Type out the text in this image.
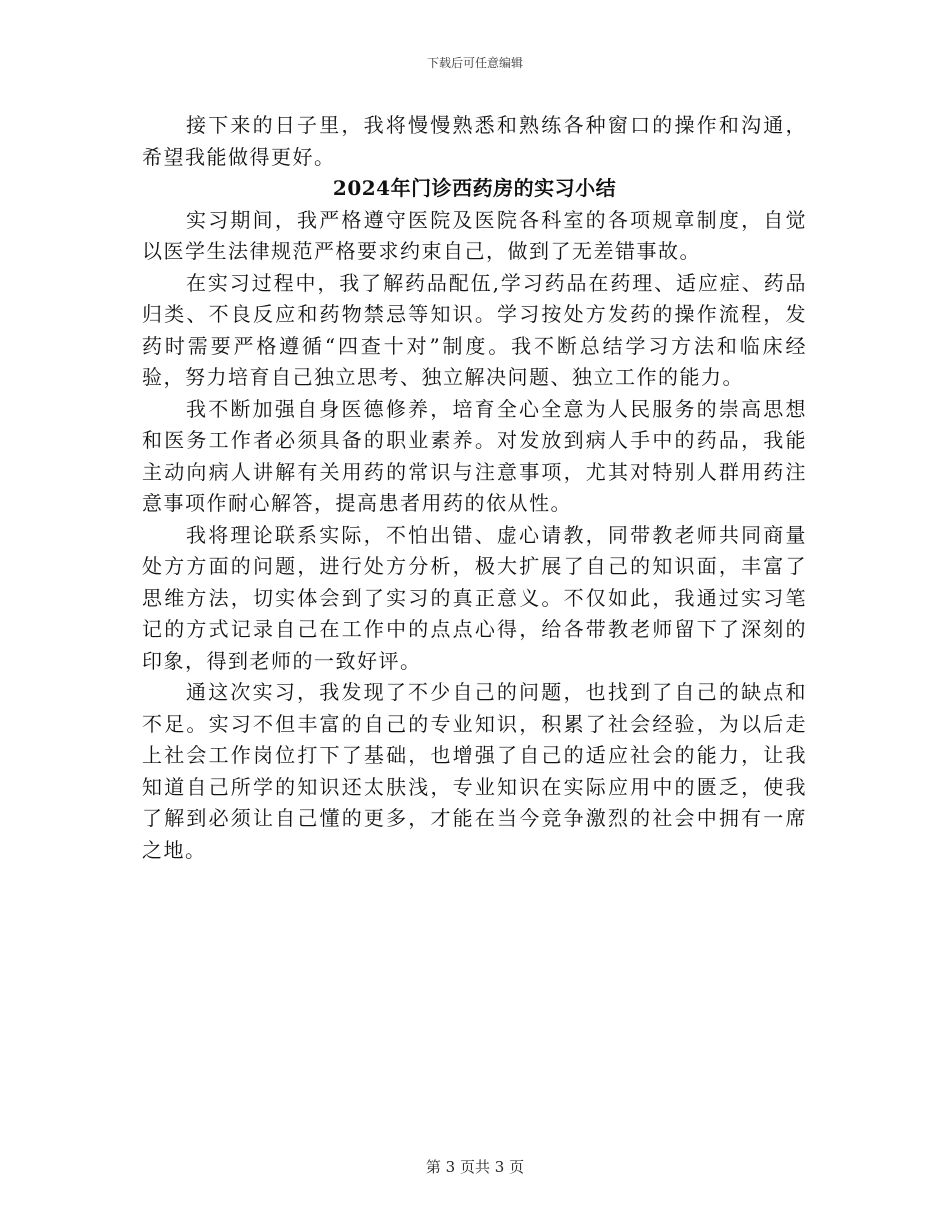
下载后可任意编辑

接下来的日子里，我将慢慢熟悉和熟练各种窗口的操作和沟通，希望我能做得更好。

2024年门诊西药房的实习小结

实习期间，我严格遵守医院及医院各科室的各项规章制度，自觉以医学生法律规范严格要求约束自己，做到了无差错事故。

在实习过程中，我了解药品配伍,学习药品在药理、适应症、药品归类、不良反应和药物禁忌等知识。学习按处方发药的操作流程，发药时需要严格遵循“四查十对”制度。我不断总结学习方法和临床经验，努力培育自己独立思考、独立解决问题、独立工作的能力。

我不断加强自身医德修养，培育全心全意为人民服务的崇高思想和医务工作者必须具备的职业素养。对发放到病人手中的药品，我能主动向病人讲解有关用药的常识与注意事项，尤其对特别人群用药注意事项作耐心解答，提高患者用药的依从性。

我将理论联系实际，不怕出错、虚心请教，同带教老师共同商量处方方面的问题，进行处方分析，极大扩展了自己的知识面，丰富了思维方法，切实体会到了实习的真正意义。不仅如此，我通过实习笔记的方式记录自己在工作中的点点心得，给各带教老师留下了深刻的印象，得到老师的一致好评。

通这次实习，我发现了不少自己的问题，也找到了自己的缺点和不足。实习不但丰富的自己的专业知识，积累了社会经验，为以后走上社会工作岗位打下了基础，也增强了自己的适应社会的能力，让我知道自己所学的知识还太肤浅，专业知识在实际应用中的匮乏，使我了解到必须让自己懂的更多，才能在当今竞争激烈的社会中拥有一席之地。

第 3 页共 3 页
